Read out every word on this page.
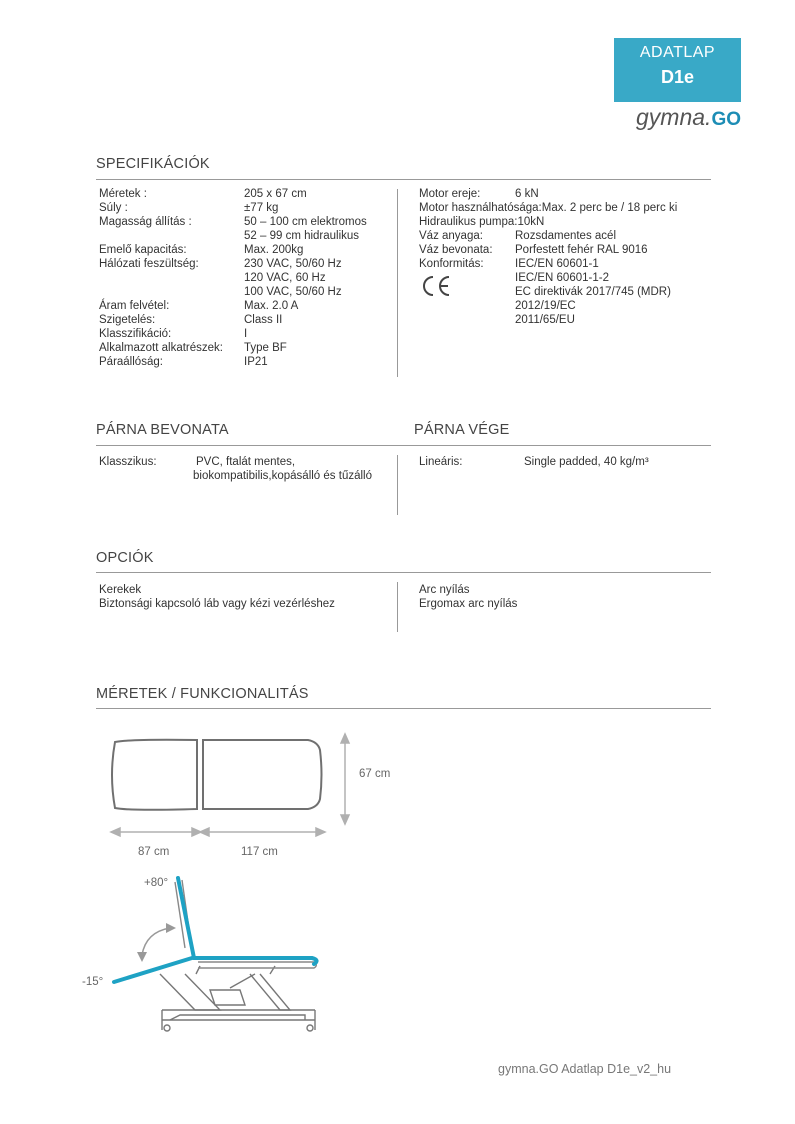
ADATLAP
D1e
gymna.GO
SPECIFIKÁCIÓK
Méretek :	205 x 67 cm
Súly :	±77 kg
Magasság állítás :	50 – 100 cm elektromos
52 – 99 cm hidraulikus
Emelő kapacitás:	Max. 200kg
Hálózati feszültség:	230 VAC, 50/60 Hz
120 VAC, 60 Hz
100 VAC, 50/60 Hz
Áram felvétel:	Max. 2.0 A
Szigetelés:	Class II
Klasszifikáció:	I
Alkalmazott alkatrészek:	Type BF
Páraállóság:	IP21
Motor ereje:	6 kN
Motor használhatósága: Max. 2 perc be / 18 perc ki
Hidraulikus pumpa: 10kN
Váz anyaga:	Rozsdamentes acél
Váz bevonata:	Porfestett fehér RAL 9016
Konformitás:	IEC/EN 60601-1
IEC/EN 60601-1-2
EC direktivák 2017/745 (MDR)
2012/19/EC
2011/65/EU
PÁRNA BEVONATA	PÁRNA VÉGE
Klasszikus:	PVC, ftalát mentes,
biokompatibilis,kopásálló és tűzálló
Lineáris:	Single padded, 40 kg/m³
OPCIÓK
Kerekek
Biztonsági kapcsoló láb vagy kézi vezérléshez
Arc nyílás
Ergomax arc nyílás
MÉRETEK / FUNKCIONALITÁS
67 cm
87 cm	117 cm
+80°
-15°
gymna.GO Adatlap D1e_v2_hu
